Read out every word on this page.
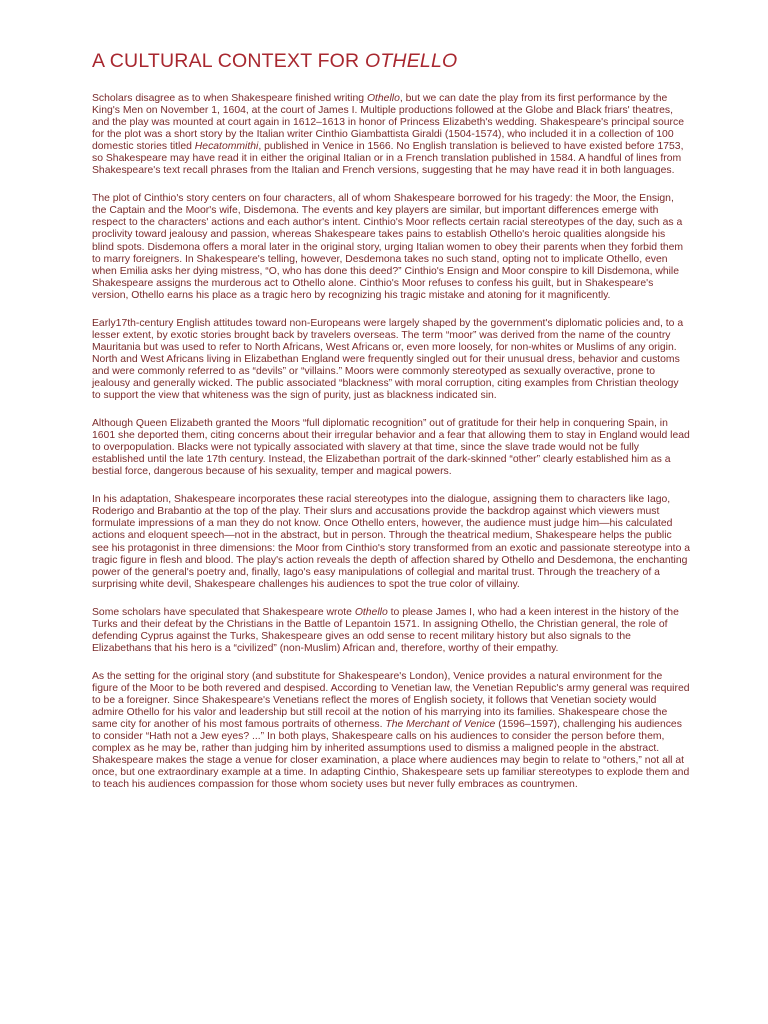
A CULTURAL CONTEXT FOR OTHELLO

Scholars disagree as to when Shakespeare finished writing Othello, but we can date the play from its first performance by the King's Men on November 1, 1604, at the court of James I. Multiple productions followed at the Globe and Black friars' theatres, and the play was mounted at court again in 1612–1613 in honor of Princess Elizabeth's wedding. Shakespeare's principal source for the plot was a short story by the Italian writer Cinthio Giambattista Giraldi (1504-1574), who included it in a collection of 100 domestic stories titled Hecatommithi, published in Venice in 1566. No English translation is believed to have existed before 1753, so Shakespeare may have read it in either the original Italian or in a French translation published in 1584. A handful of lines from Shakespeare's text recall phrases from the Italian and French versions, suggesting that he may have read it in both languages.

The plot of Cinthio's story centers on four characters, all of whom Shakespeare borrowed for his tragedy: the Moor, the Ensign, the Captain and the Moor's wife, Disdemona. The events and key players are similar, but important differences emerge with respect to the characters' actions and each author's intent. Cinthio's Moor reflects certain racial stereotypes of the day, such as a proclivity toward jealousy and passion, whereas Shakespeare takes pains to establish Othello's heroic qualities alongside his blind spots. Disdemona offers a moral later in the original story, urging Italian women to obey their parents when they forbid them to marry foreigners. In Shakespeare's telling, however, Desdemona takes no such stand, opting not to implicate Othello, even when Emilia asks her dying mistress, “O, who has done this deed?” Cinthio's Ensign and Moor conspire to kill Disdemona, while Shakespeare assigns the murderous act to Othello alone. Cinthio's Moor refuses to confess his guilt, but in Shakespeare's version, Othello earns his place as a tragic hero by recognizing his tragic mistake and atoning for it magnificently.

Early17th-century English attitudes toward non-Europeans were largely shaped by the government's diplomatic policies and, to a lesser extent, by exotic stories brought back by travelers overseas. The term “moor” was derived from the name of the country Mauritania but was used to refer to North Africans, West Africans or, even more loosely, for non-whites or Muslims of any origin. North and West Africans living in Elizabethan England were frequently singled out for their unusual dress, behavior and customs and were commonly referred to as “devils” or “villains.” Moors were commonly stereotyped as sexually overactive, prone to jealousy and generally wicked. The public associated “blackness” with moral corruption, citing examples from Christian theology to support the view that whiteness was the sign of purity, just as blackness indicated sin.

Although Queen Elizabeth granted the Moors “full diplomatic recognition” out of gratitude for their help in conquering Spain, in 1601 she deported them, citing concerns about their irregular behavior and a fear that allowing them to stay in England would lead to overpopulation. Blacks were not typically associated with slavery at that time, since the slave trade would not be fully established until the late 17th century. Instead, the Elizabethan portrait of the dark-skinned “other” clearly established him as a bestial force, dangerous because of his sexuality, temper and magical powers.

In his adaptation, Shakespeare incorporates these racial stereotypes into the dialogue, assigning them to characters like Iago, Roderigo and Brabantio at the top of the play. Their slurs and accusations provide the backdrop against which viewers must formulate impressions of a man they do not know. Once Othello enters, however, the audience must judge him—his calculated actions and eloquent speech—not in the abstract, but in person. Through the theatrical medium, Shakespeare helps the public see his protagonist in three dimensions: the Moor from Cinthio's story transformed from an exotic and passionate stereotype into a tragic figure in flesh and blood. The play's action reveals the depth of affection shared by Othello and Desdemona, the enchanting power of the general's poetry and, finally, Iago's easy manipulations of collegial and marital trust. Through the treachery of a surprising white devil, Shakespeare challenges his audiences to spot the true color of villainy.

Some scholars have speculated that Shakespeare wrote Othello to please James I, who had a keen interest in the history of the Turks and their defeat by the Christians in the Battle of Lepantoin 1571. In assigning Othello, the Christian general, the role of defending Cyprus against the Turks, Shakespeare gives an odd sense to recent military history but also signals to the Elizabethans that his hero is a “civilized” (non-Muslim) African and, therefore, worthy of their empathy.

As the setting for the original story (and substitute for Shakespeare's London), Venice provides a natural environment for the figure of the Moor to be both revered and despised. According to Venetian law, the Venetian Republic's army general was required to be a foreigner. Since Shakespeare's Venetians reflect the mores of English society, it follows that Venetian society would admire Othello for his valor and leadership but still recoil at the notion of his marrying into its families. Shakespeare chose the same city for another of his most famous portraits of otherness. The Merchant of Venice (1596–1597), challenging his audiences to consider “Hath not a Jew eyes? ...” In both plays, Shakespeare calls on his audiences to consider the person before them, complex as he may be, rather than judging him by inherited assumptions used to dismiss a maligned people in the abstract. Shakespeare makes the stage a venue for closer examination, a place where audiences may begin to relate to “others,” not all at once, but one extraordinary example at a time. In adapting Cinthio, Shakespeare sets up familiar stereotypes to explode them and to teach his audiences compassion for those whom society uses but never fully embraces as countrymen.
